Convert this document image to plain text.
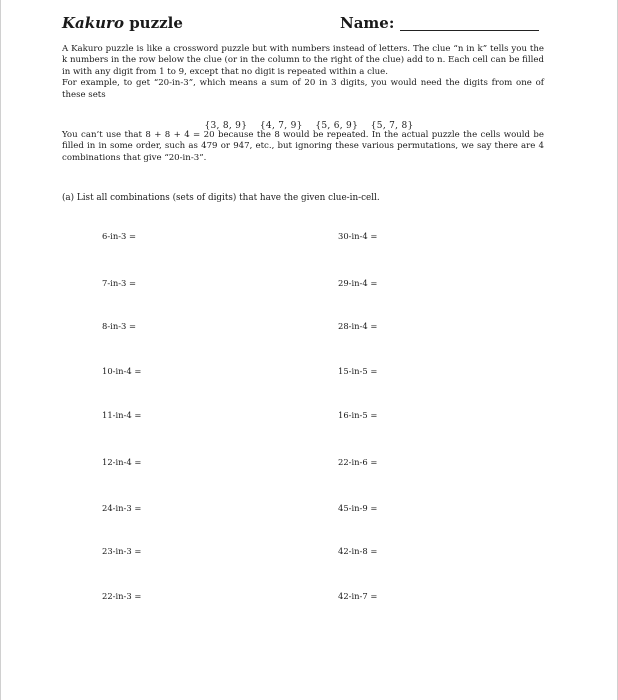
Kakuro puzzle	Name:

A Kakuro puzzle is like a crossword puzzle but with numbers instead of letters. The clue “n in k” tells you the k numbers in the row below the clue (or in the column to the right of the clue) add to n. Each cell can be filled in with any digit from 1 to 9, except that no digit is repeated within a clue.

For example, to get “20-in-3”, which means a sum of 20 in 3 digits, you would need the digits from one of these sets

{3, 8, 9} {4, 7, 9} {5, 6, 9} {5, 7, 8}

You can’t use that 8 + 8 + 4 = 20 because the 8 would be repeated. In the actual puzzle the cells would be filled in in some order, such as 479 or 947, etc., but ignoring these various permutations, we say there are 4 combinations that give “20-in-3”.

(a) List all combinations (sets of digits) that have the given clue-in-cell.
6-in-3 =
7-in-3 =
8-in-3 =
10-in-4 =
11-in-4 =
12-in-4 =
24-in-3 =
23-in-3 =
22-in-3 =
30-in-4 =
29-in-4 =
28-in-4 =
15-in-5 =
16-in-5 =
22-in-6 =
45-in-9 =
42-in-8 =
42-in-7 =
